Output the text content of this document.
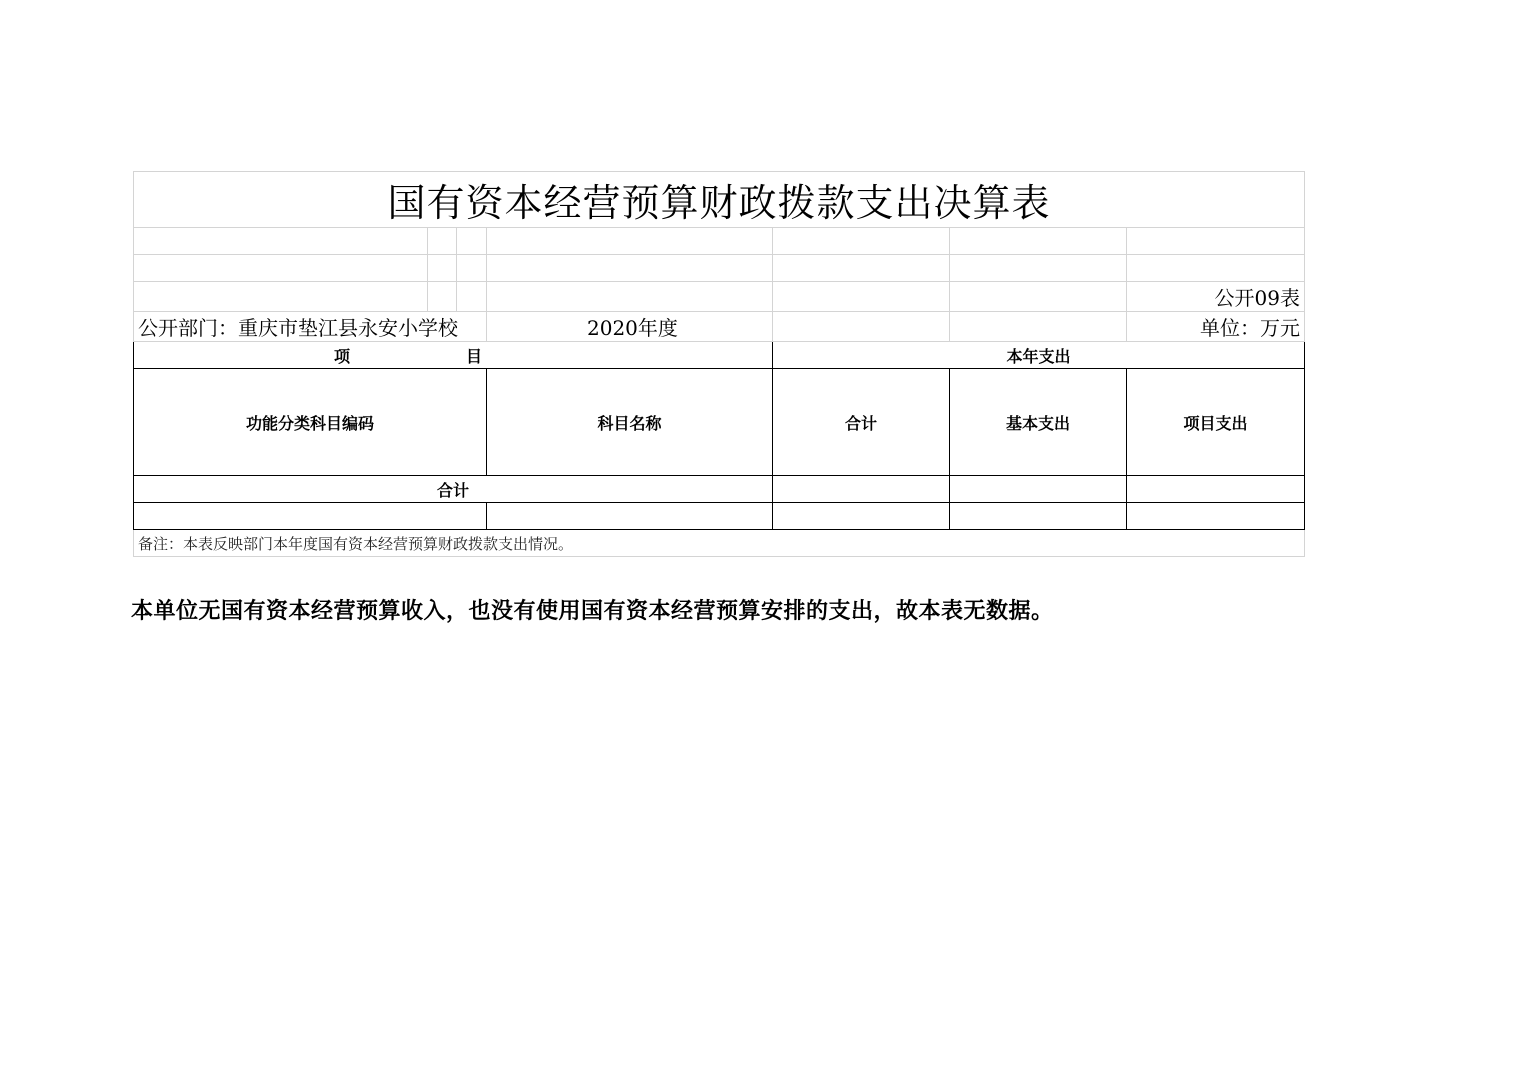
国有资本经营预算财政拨款支出决算表						

						公开09表
公开部门：重庆市垫江县永安小学校			2020年度			单位：万元

项 目				本年支出		
功能分类科目编码			科目名称	合计	基本支出	项目支出
合计						

备注：本表反映部门本年度国有资本经营预算财政拨款支出情况。						
本单位无国有资本经营预算收入，也没有使用国有资本经营预算安排的支出，故本表无数据。
